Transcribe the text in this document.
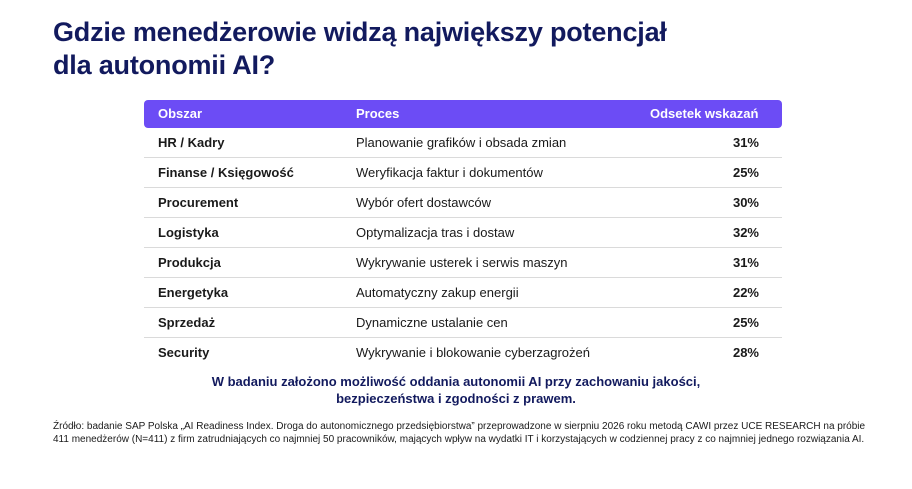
Gdzie menedżerowie widzą największy potencjał
dla autonomii AI?
Obszar	Proces	Odsetek wskazań
HR / Kadry	Planowanie grafików i obsada zmian	31%
Finanse / Księgowość	Weryfikacja faktur i dokumentów	25%
Procurement	Wybór ofert dostawców	30%
Logistyka	Optymalizacja tras i dostaw	32%
Produkcja	Wykrywanie usterek i serwis maszyn	31%
Energetyka	Automatyczny zakup energii	22%
Sprzedaż	Dynamiczne ustalanie cen	25%
Security	Wykrywanie i blokowanie cyberzagrożeń	28%
W badaniu założono możliwość oddania autonomii AI przy zachowaniu jakości,
bezpieczeństwa i zgodności z prawem.
Źródło: badanie SAP Polska „AI Readiness Index. Droga do autonomicznego przedsiębiorstwa” przeprowadzone w sierpniu 2026 roku metodą CAWI przez UCE RESEARCH na próbie 411 menedżerów (N=411) z firm zatrudniających co najmniej 50 pracowników, mających wpływ na wydatki IT i korzystających w codziennej pracy z co najmniej jednego rozwiązania AI.
